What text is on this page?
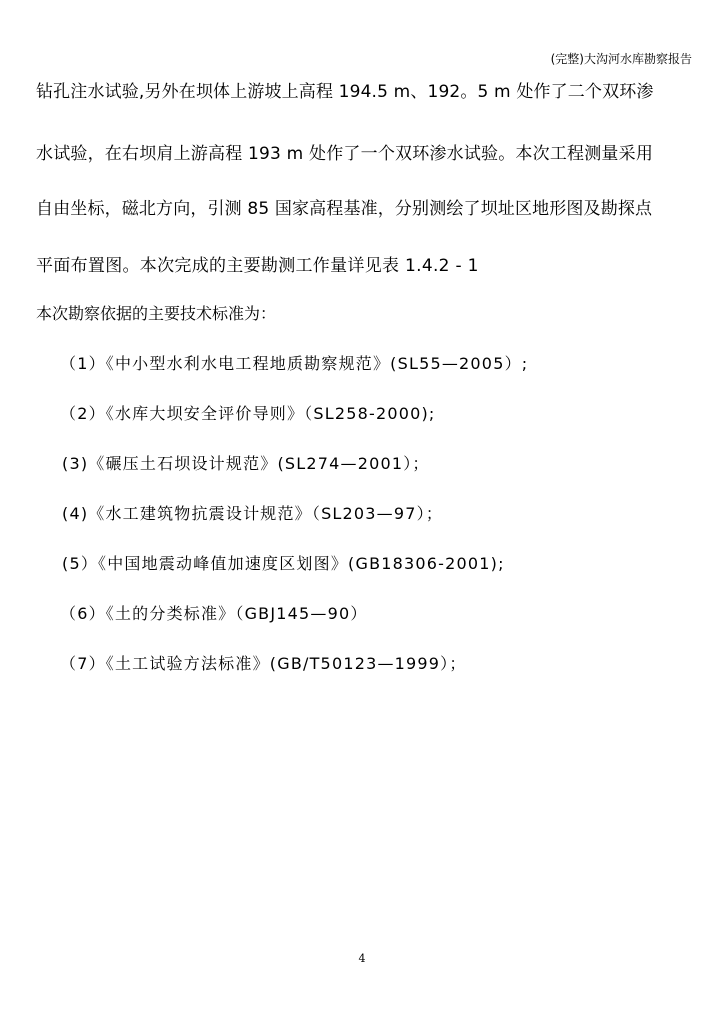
(完整)大沟河水库勘察报告
钻孔注水试验,另外在坝体上游坡上高程 194.5 m、192。5 m 处作了二个双环渗
水试验，在右坝肩上游高程 193 m 处作了一个双环渗水试验。本次工程测量采用
自由坐标，磁北方向，引测 85 国家高程基准，分别测绘了坝址区地形图及勘探点
平面布置图。本次完成的主要勘测工作量详见表 1.4.2 - 1
本次勘察依据的主要技术标准为：
（1）《中小型水利水电工程地质勘察规范》(SL55—2005）;
（2）《水库大坝安全评价导则》（SL258-2000);
(3)《碾压土石坝设计规范》(SL274—2001）；
(4)《水工建筑物抗震设计规范》（SL203—97）；
(5）《中国地震动峰值加速度区划图》(GB18306-2001);
（6）《土的分类标准》（GBJ145—90）
（7）《土工试验方法标准》(GB/T50123—1999）；
4
